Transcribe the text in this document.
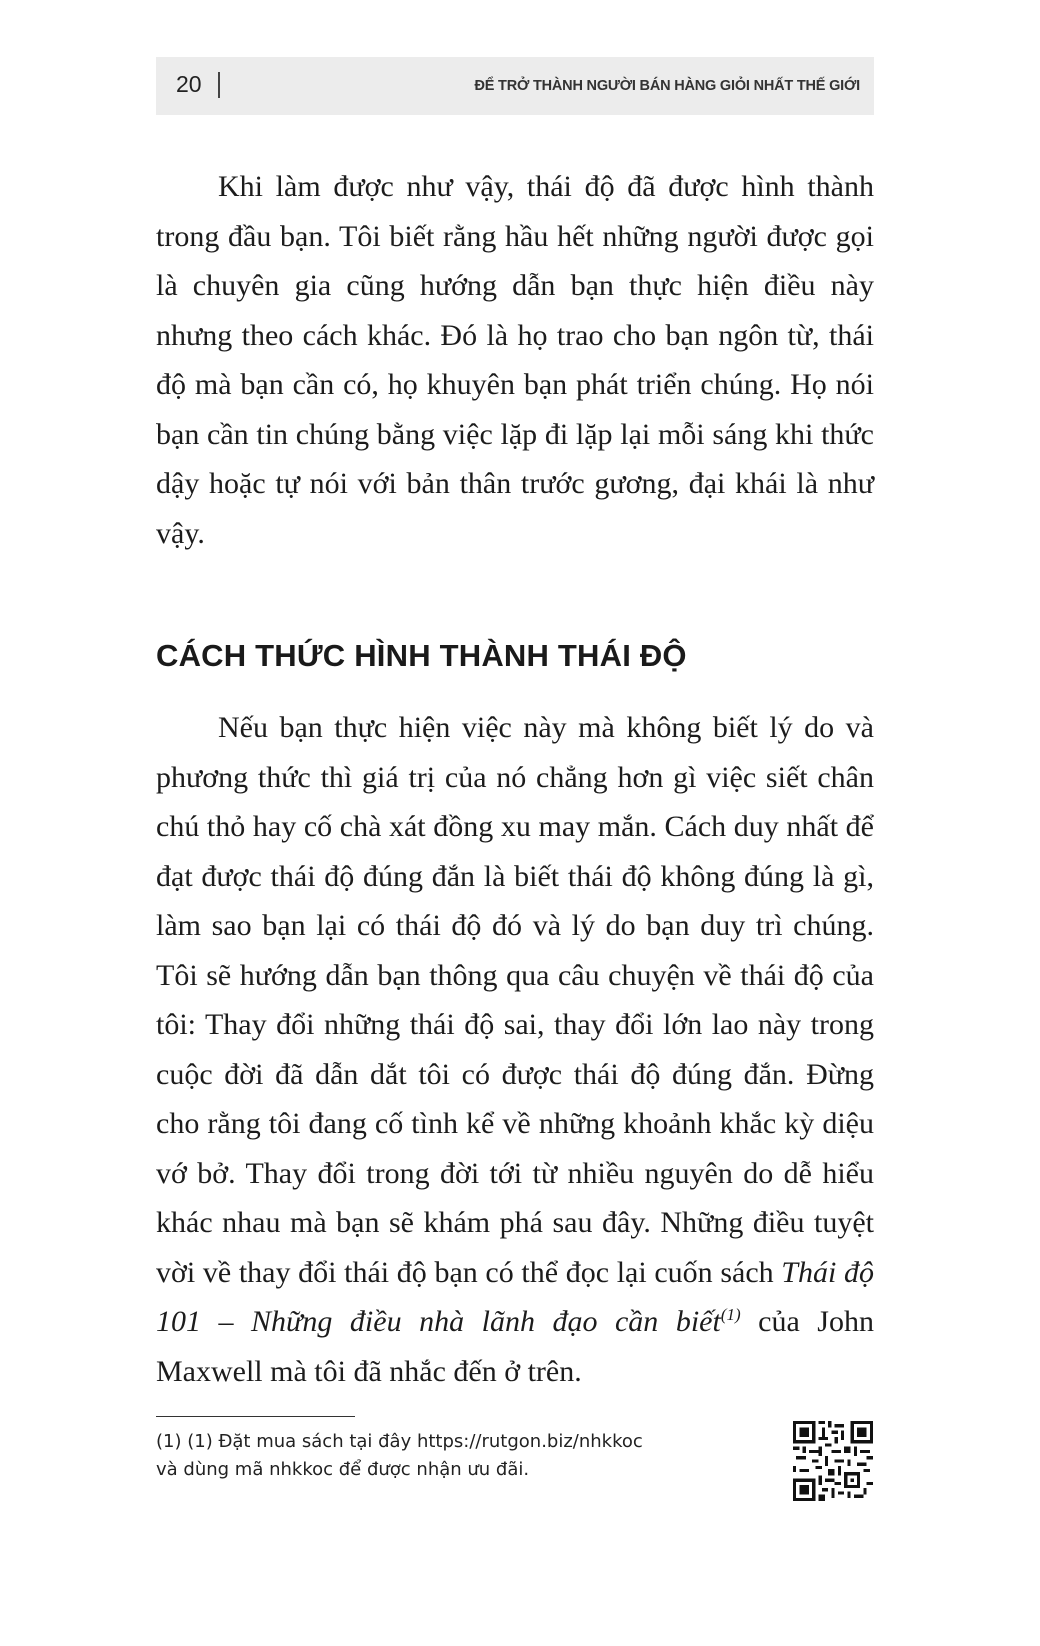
20	ĐỂ TRỞ THÀNH NGƯỜI BÁN HÀNG GIỎI NHẤT THẾ GIỚI

Khi làm được như vậy, thái độ đã được hình thành trong đầu bạn. Tôi biết rằng hầu hết những người được gọi là chuyên gia cũng hướng dẫn bạn thực hiện điều này nhưng theo cách khác. Đó là họ trao cho bạn ngôn từ, thái độ mà bạn cần có, họ khuyên bạn phát triển chúng. Họ nói bạn cần tin chúng bằng việc lặp đi lặp lại mỗi sáng khi thức dậy hoặc tự nói với bản thân trước gương, đại khái là như vậy.

CÁCH THỨC HÌNH THÀNH THÁI ĐỘ

Nếu bạn thực hiện việc này mà không biết lý do và phương thức thì giá trị của nó chẳng hơn gì việc siết chân chú thỏ hay cố chà xát đồng xu may mắn. Cách duy nhất để đạt được thái độ đúng đắn là biết thái độ không đúng là gì, làm sao bạn lại có thái độ đó và lý do bạn duy trì chúng. Tôi sẽ hướng dẫn bạn thông qua câu chuyện về thái độ của tôi: Thay đổi những thái độ sai, thay đổi lớn lao này trong cuộc đời đã dẫn dắt tôi có được thái độ đúng đắn. Đừng cho rằng tôi đang cố tình kể về những khoảnh khắc kỳ diệu vớ bở. Thay đổi trong đời tới từ nhiều nguyên do dễ hiểu khác nhau mà bạn sẽ khám phá sau đây. Những điều tuyệt vời về thay đổi thái độ bạn có thể đọc lại cuốn sách Thái độ 101 – Những điều nhà lãnh đạo cần biết$^{(1)}$ của John Maxwell mà tôi đã nhắc đến ở trên.

(1) (1) Đặt mua sách tại đây https://rutgon.biz/nhkkoc
và dùng mã nhkkoc để được nhận ưu đãi.
